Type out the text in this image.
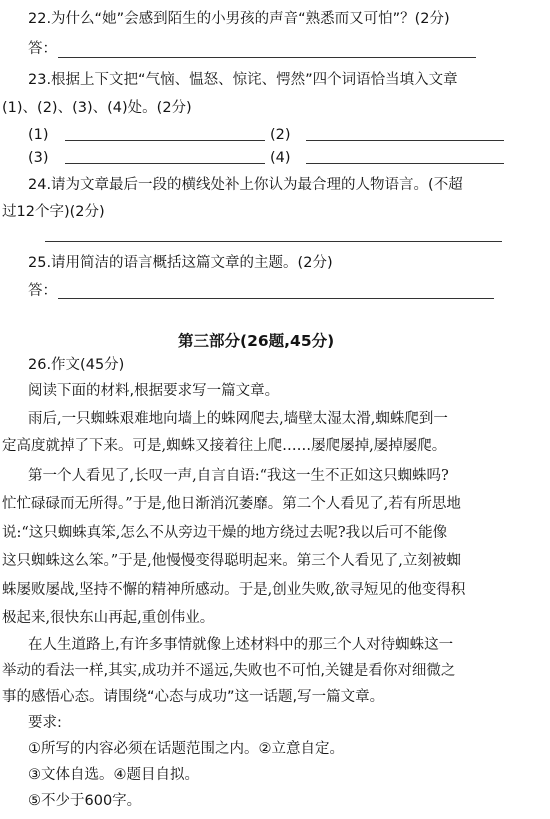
22.为什么“她”会感到陌生的小男孩的声音“熟悉而又可怕”？(2分)
答：
23.根据上下文把“气恼、愠怒、惊诧、愕然”四个词语恰当填入文章
(1)、(2)、(3)、(4)处。(2分)
(1)	(2)
(3)	(4)
24.请为文章最后一段的横线处补上你认为最合理的人物语言。(不超
过12个字)(2分)
25.请用简洁的语言概括这篇文章的主题。(2分)
答：
第三部分(26题,45分)
26.作文(45分)
阅读下面的材料,根据要求写一篇文章。
雨后,一只蜘蛛艰难地向墙上的蛛网爬去,墙壁太湿太滑,蜘蛛爬到一
定高度就掉了下来。可是,蜘蛛又接着往上爬……屡爬屡掉,屡掉屡爬。
第一个人看见了,长叹一声,自言自语:“我这一生不正如这只蜘蛛吗?
忙忙碌碌而无所得。”于是,他日渐消沉萎靡。第二个人看见了,若有所思地
说:“这只蜘蛛真笨,怎么不从旁边干燥的地方绕过去呢?我以后可不能像
这只蜘蛛这么笨。”于是,他慢慢变得聪明起来。第三个人看见了,立刻被蜘
蛛屡败屡战,坚持不懈的精神所感动。于是,创业失败,欲寻短见的他变得积
极起来,很快东山再起,重创伟业。
在人生道路上,有许多事情就像上述材料中的那三个人对待蜘蛛这一
举动的看法一样,其实,成功并不遥远,失败也不可怕,关键是看你对细微之
事的感悟心态。请围绕“心态与成功”这一话题,写一篇文章。
要求:
①所写的内容必须在话题范围之内。②立意自定。
③文体自选。④题目自拟。
⑤不少于600字。
